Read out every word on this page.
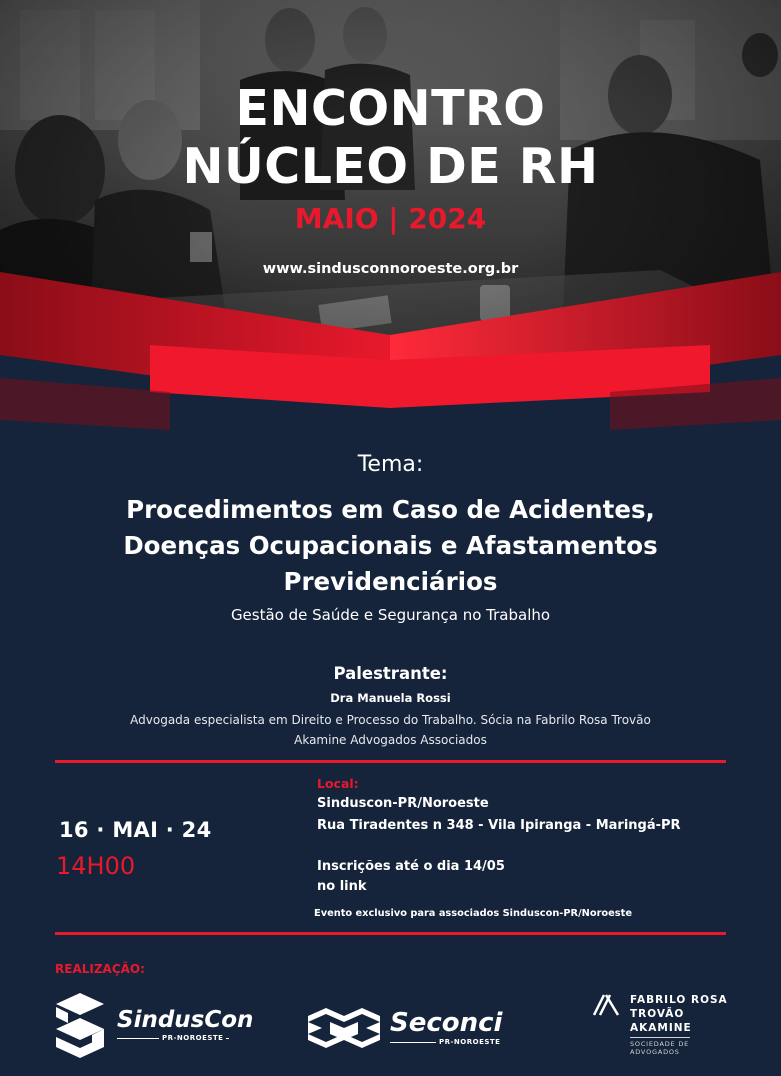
ENCONTRO
NÚCLEO DE RH
MAIO | 2024
www.sindusconnoroeste.org.br
Tema:
Procedimentos em Caso de Acidentes,
Doenças Ocupacionais e Afastamentos
Previdenciários
Gestão de Saúde e Segurança no Trabalho
Palestrante:
Dra Manuela Rossi
Advogada especialista em Direito e Processo do Trabalho. Sócia na Fabrilo Rosa Trovão
Akamine Advogados Associados
16 · MAI · 24
14H00
Local:
Sinduscon-PR/Noroeste
Rua Tiradentes n 348 - Vila Ipiranga - Maringá-PR
Inscrições até o dia 14/05
no link
Evento exclusivo para associados Sinduscon-PR/Noroeste
REALIZAÇÃO:
SindusCon
PR-NOROESTE	Seconci
PR-NOROESTE
FABRILO ROSA
TROVÃO
AKAMINE
SOCIEDADE DE
ADVOGADOS
